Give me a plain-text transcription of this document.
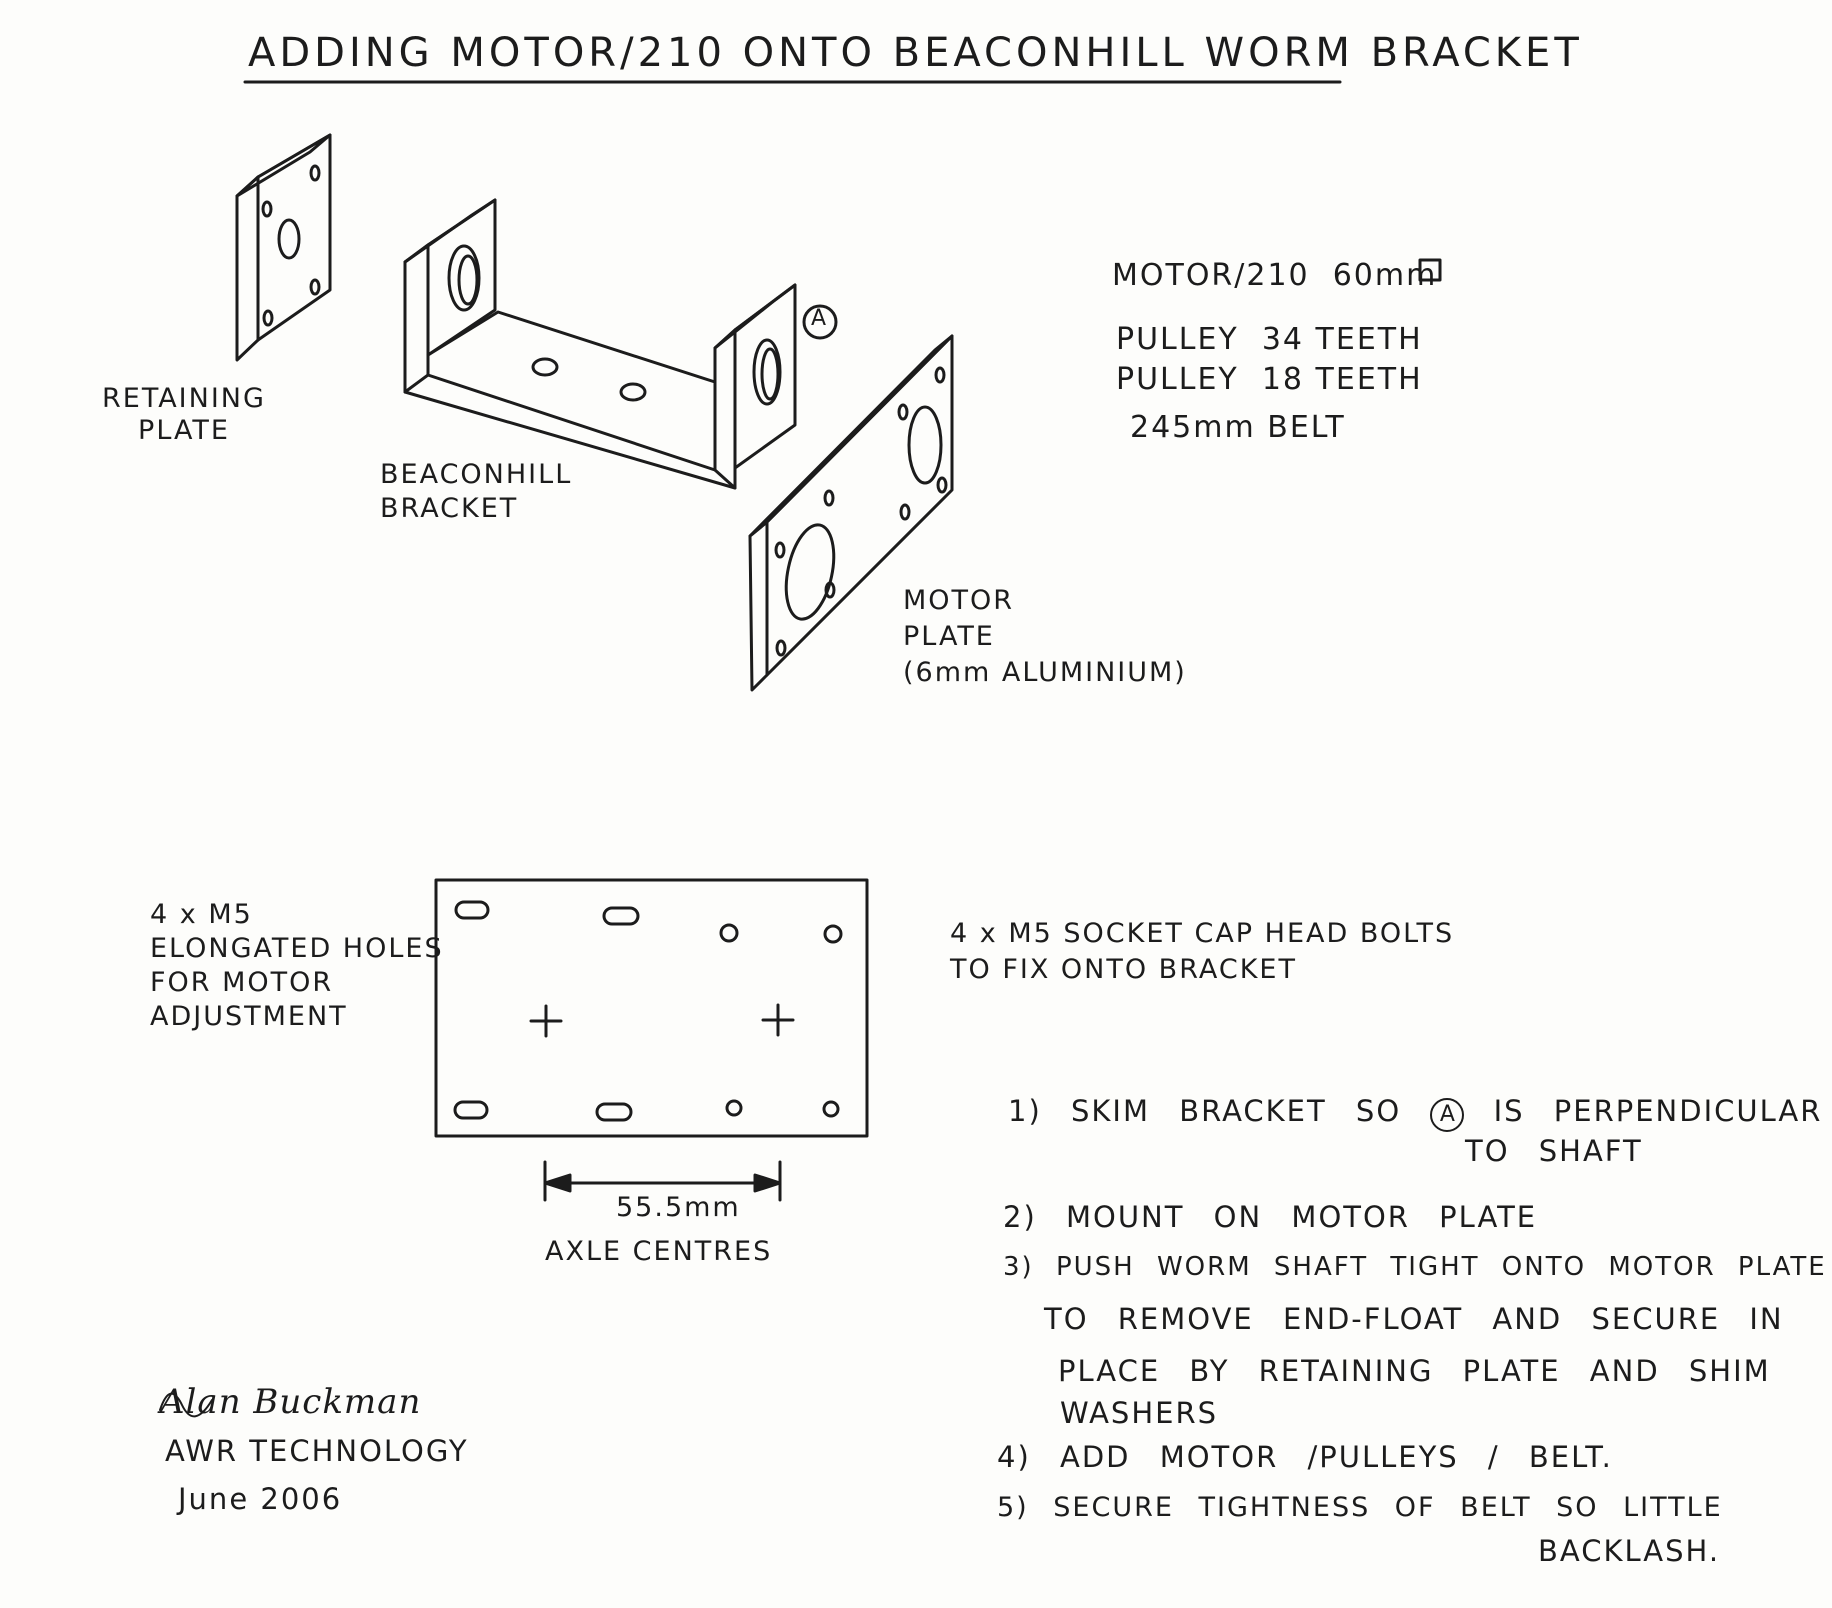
ADDING MOTOR/210 ONTO BEACONHILL WORM BRACKET
RETAINING
PLATE
BEACONHILL
BRACKET
MOTOR
PLATE
(6mm ALUMINIUM)
A
MOTOR/210  60mm
PULLEY  34 TEETH
PULLEY  18 TEETH
245mm BELT
4 x M5
ELONGATED HOLES
FOR MOTOR
ADJUSTMENT
4 x M5 SOCKET CAP HEAD BOLTS
TO FIX ONTO BRACKET
55.5mm
AXLE CENTRES
1) SKIM BRACKET SO A IS PERPENDICULAR
TO SHAFT
2) MOUNT ON MOTOR PLATE
3) PUSH WORM SHAFT TIGHT ONTO MOTOR PLATE
TO REMOVE END-FLOAT AND SECURE IN
PLACE BY RETAINING PLATE AND SHIM
WASHERS
4) ADD MOTOR /PULLEYS / BELT.
5) SECURE TIGHTNESS OF BELT SO LITTLE
BACKLASH.
Alan Buckman
AWR TECHNOLOGY
June 2006
